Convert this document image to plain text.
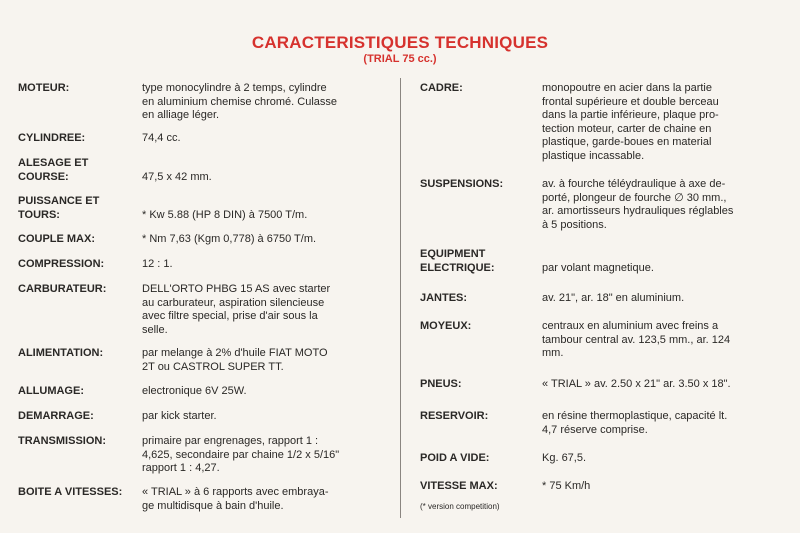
CARACTERISTIQUES TECHNIQUES
(TRIAL 75 cc.)
MOTEUR:	type monocylindre à 2 temps, cylindre
en aluminium chemise chromé. Culasse
en alliage léger.
CYLINDREE:	74,4 cc.
ALESAGE ET
COURSE:	47,5 x 42 mm.
PUISSANCE ET
TOURS:	* Kw 5.88 (HP 8 DIN) à 7500 T/m.
COUPLE MAX:	* Nm 7,63 (Kgm 0,778) à 6750 T/m.
COMPRESSION:	12 : 1.
CARBURATEUR:	DELL'ORTO PHBG 15 AS avec starter
au carburateur, aspiration silencieuse
avec filtre special, prise d'air sous la
selle.
ALIMENTATION:	par melange à 2% d'huile FIAT MOTO
2T ou CASTROL SUPER TT.
ALLUMAGE:	electronique 6V 25W.
DEMARRAGE:	par kick starter.
TRANSMISSION:	primaire par engrenages, rapport 1 :
4,625, secondaire par chaine 1/2 x 5/16"
rapport 1 : 4,27.
BOITE A VITESSES: « TRIAL » à 6 rapports avec embraya-
ge multidisque à bain d'huile.
CADRE:	monopoutre en acier dans la partie
frontal supérieure et double berceau
dans la partie inférieure, plaque pro-
tection moteur, carter de chaine en
plastique, garde-boues en material
plastique incassable.
SUSPENSIONS:	av. à fourche téléydraulique à axe de-
porté, plongeur de fourche ∅ 30 mm.,
ar. amortisseurs hydrauliques réglables
à 5 positions.
EQUIPMENT
ELECTRIQUE:	par volant magnetique.
JANTES:	av. 21", ar. 18" en aluminium.
MOYEUX:	centraux en aluminium avec freins a
tambour central av. 123,5 mm., ar. 124
mm.
PNEUS:	« TRIAL » av. 2.50 x 21" ar. 3.50 x 18".
RESERVOIR:	en résine thermoplastique, capacité lt.
4,7 réserve comprise.
POID A VIDE:	Kg. 67,5.
VITESSE MAX:	* 75 Km/h
(* version competition)
